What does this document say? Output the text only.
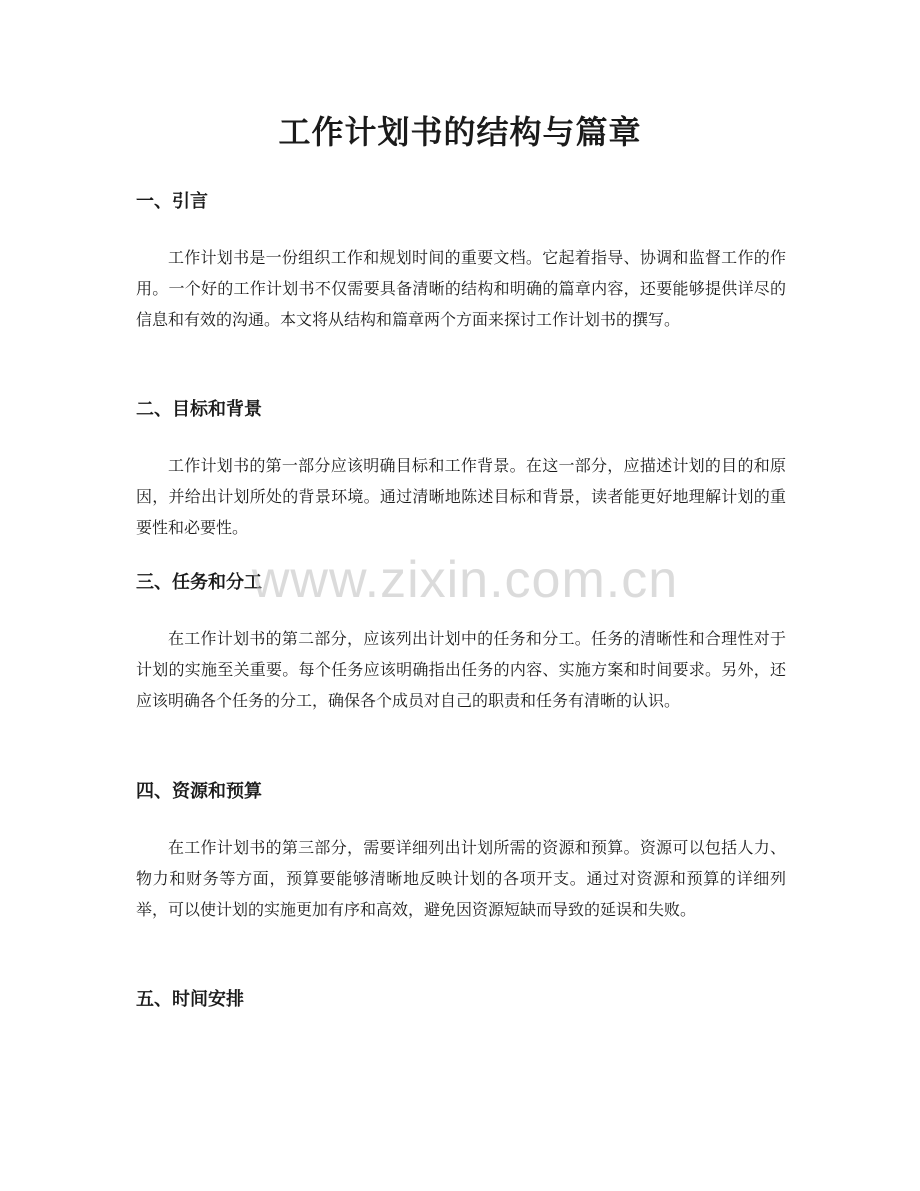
工作计划书的结构与篇章
一、引言

工作计划书是一份组织工作和规划时间的重要文档。它起着指导、协调和监督工作的作用。一个好的工作计划书不仅需要具备清晰的结构和明确的篇章内容，还要能够提供详尽的信息和有效的沟通。本文将从结构和篇章两个方面来探讨工作计划书的撰写。

二、目标和背景

工作计划书的第一部分应该明确目标和工作背景。在这一部分，应描述计划的目的和原因，并给出计划所处的背景环境。通过清晰地陈述目标和背景，读者能更好地理解计划的重要性和必要性。

三、任务和分工

在工作计划书的第二部分，应该列出计划中的任务和分工。任务的清晰性和合理性对于计划的实施至关重要。每个任务应该明确指出任务的内容、实施方案和时间要求。另外，还应该明确各个任务的分工，确保各个成员对自己的职责和任务有清晰的认识。

四、资源和预算

在工作计划书的第三部分，需要详细列出计划所需的资源和预算。资源可以包括人力、物力和财务等方面，预算要能够清晰地反映计划的各项开支。通过对资源和预算的详细列举，可以使计划的实施更加有序和高效，避免因资源短缺而导致的延误和失败。

五、时间安排
www.zixin.com.cn
